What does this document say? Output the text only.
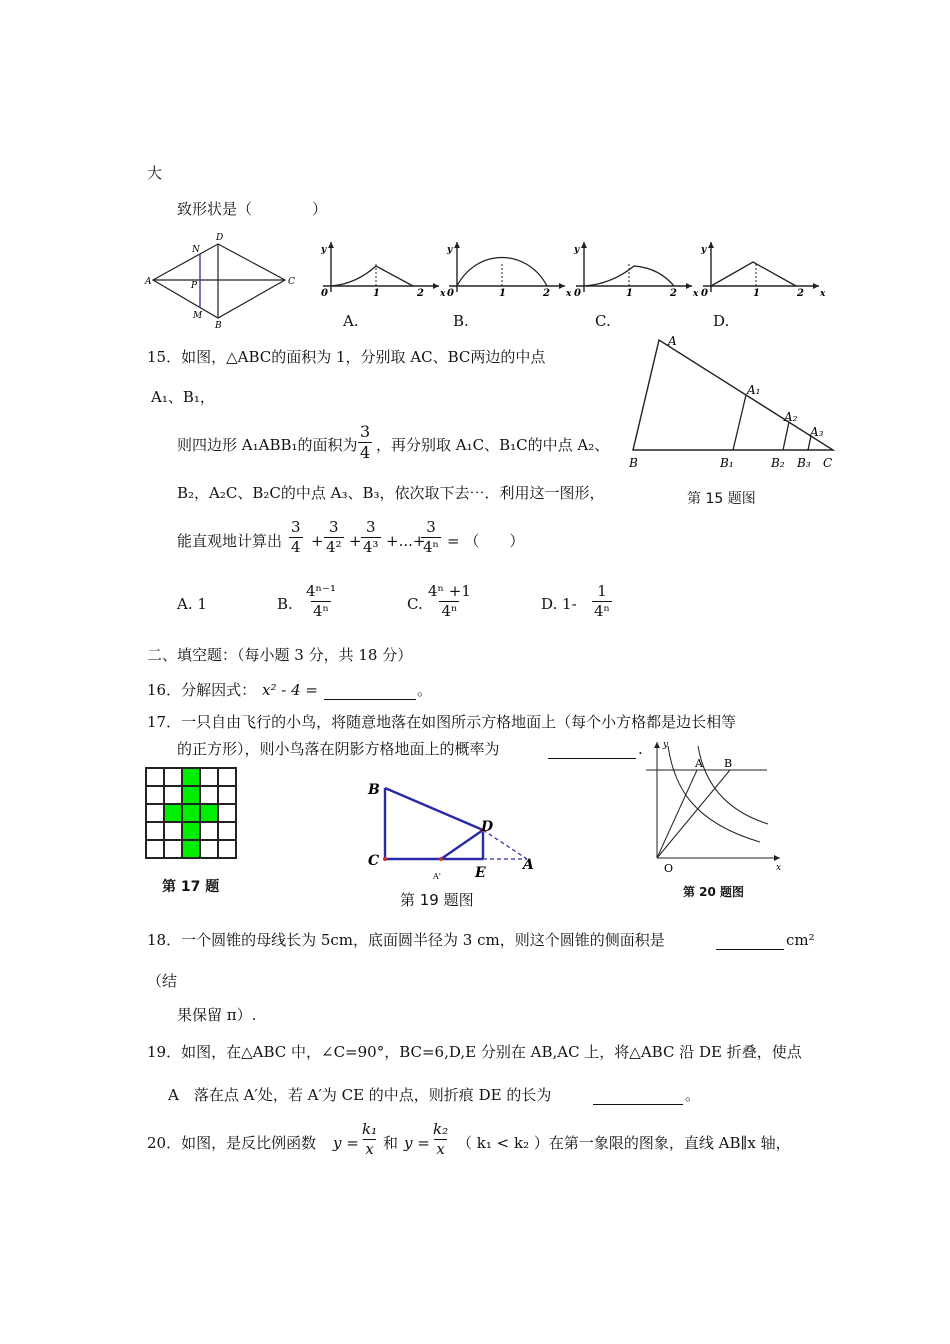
大
致形状是（　　　　）
A
D
C
B
N
M
P
y
x
0	1	2
y
x
0	1	2
y
x
0	1	2
y
x
0	1	2
A.	B.	C.	D.
15．如图，△ABC的面积为 1，分别取 AC、BC两边的中点
A₁、B₁，
则四边形 A₁ABB₁的面积为 $\frac{3}{4}$ ，再分别取 A₁C、B₁C的中点 A₂、
B₂，A₂C、B₂C的中点 A₃、B₃，依次取下去⋯．利用这一图形，
能直观地计算出 $\frac{3}{4} + \frac{3}{\text{4²}} + \frac{3}{\text{4³}}$ +...+
$\frac{3}{\text{4ⁿ}}$ = （　　）
A. 1	B. $\frac{\text{4ⁿ⁻¹}}{\text{4ⁿ}}$	C. $\frac{\text{4ⁿ +1}}{\text{4ⁿ}}$	D. $1- \frac{1}{\text{4ⁿ}}$
A
A₁
A₂
A₃
B	B₁	B₂ B₃ C
第 15 题图
二、填空题：（每小题 3 分，共 18 分）
16．分解因式： x² - 4 =	。
17．一只自由飞行的小鸟，将随意地落在如图所示方格地面上（每个小方格都是边长相等
的正方形），则小鸟落在阴影方格地面上的概率为	.
第 17 题
B
C
D
E	A
A'
第 19 题图
y
x
O
A B
第 20 题图
18．一个圆锥的母线长为 5cm，底面圆半径为 3 cm，则这个圆锥的侧面积是	cm²
（结
果保留 π）.
19．如图，在△ABC 中，∠C=90°，BC=6,D,E 分别在 AB,AC 上，将△ABC 沿 DE 折叠，使点
A　落在点 A′处，若 A′为 CE 的中点，则折痕 DE 的长为	。
20．如图，是反比例函数 y =
k₁
x 和 y =
k₂
x （ k₁ < k₂ ）在第一象限的图象，直线 AB∥x 轴，
